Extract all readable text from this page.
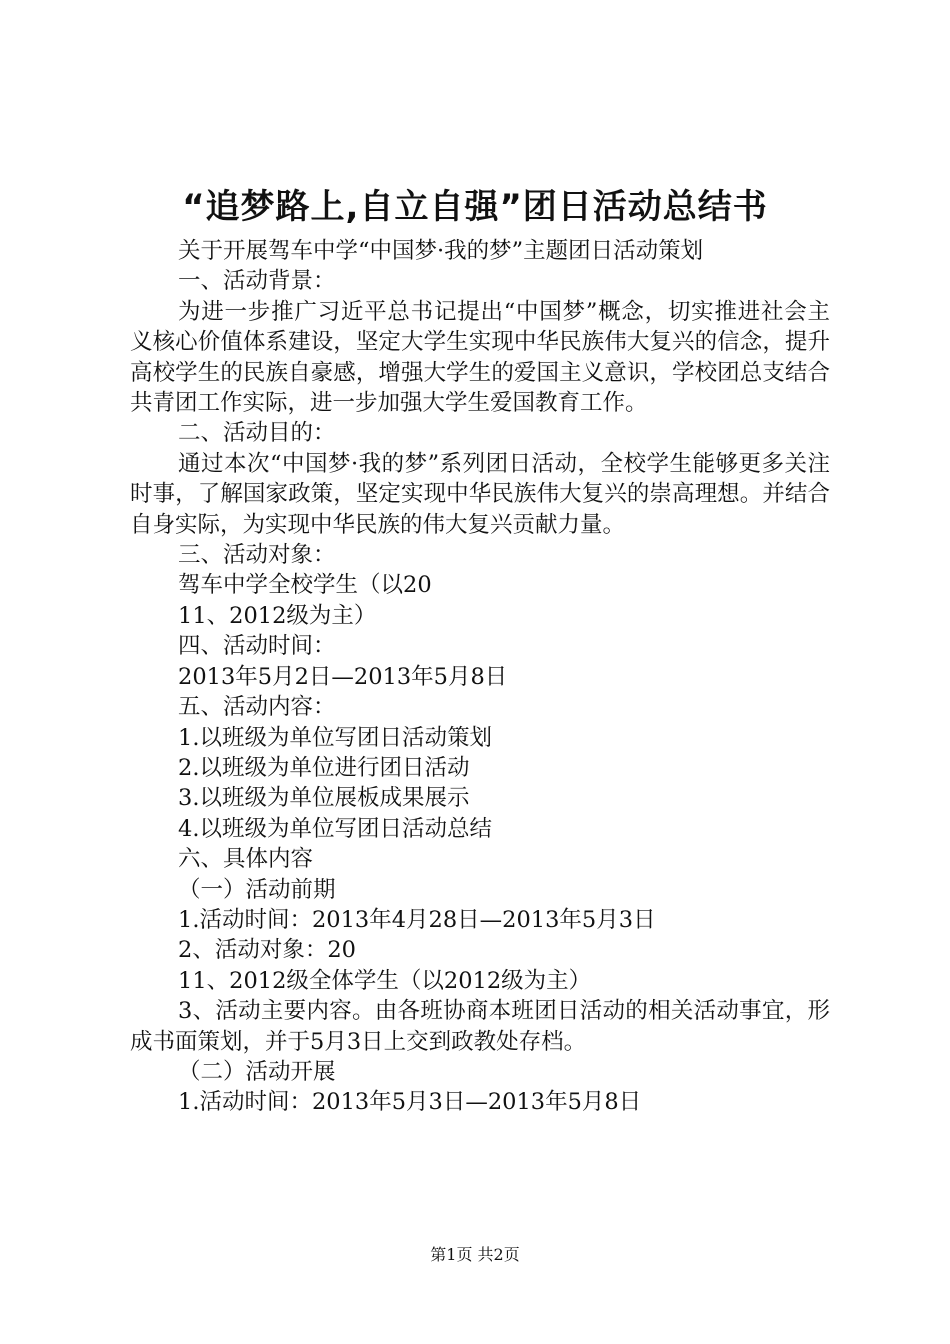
“追梦路上,自立自强”团日活动总结书

关于开展驾车中学“中国梦·我的梦”主题团日活动策划

一、活动背景：

为进一步推广习近平总书记提出“中国梦”概念，切实推进社会主义核心价值体系建设，坚定大学生实现中华民族伟大复兴的信念，提升高校学生的民族自豪感，增强大学生的爱国主义意识，学校团总支结合共青团工作实际，进一步加强大学生爱国教育工作。

二、活动目的：

通过本次“中国梦·我的梦”系列团日活动，全校学生能够更多关注时事，了解国家政策，坚定实现中华民族伟大复兴的崇高理想。并结合自身实际，为实现中华民族的伟大复兴贡献力量。

三、活动对象：

驾车中学全校学生（以20

11、2012级为主）

四、活动时间：

2013年5月2日—2013年5月8日

五、活动内容：

1.以班级为单位写团日活动策划

2.以班级为单位进行团日活动

3.以班级为单位展板成果展示

4.以班级为单位写团日活动总结

六、具体内容

（一）活动前期

1.活动时间：2013年4月28日—2013年5月3日

2、活动对象：20

11、2012级全体学生（以2012级为主）

3、活动主要内容。由各班协商本班团日活动的相关活动事宜，形成书面策划，并于5月3日上交到政教处存档。

（二）活动开展

1.活动时间：2013年5月3日—2013年5月8日

第1页 共2页
